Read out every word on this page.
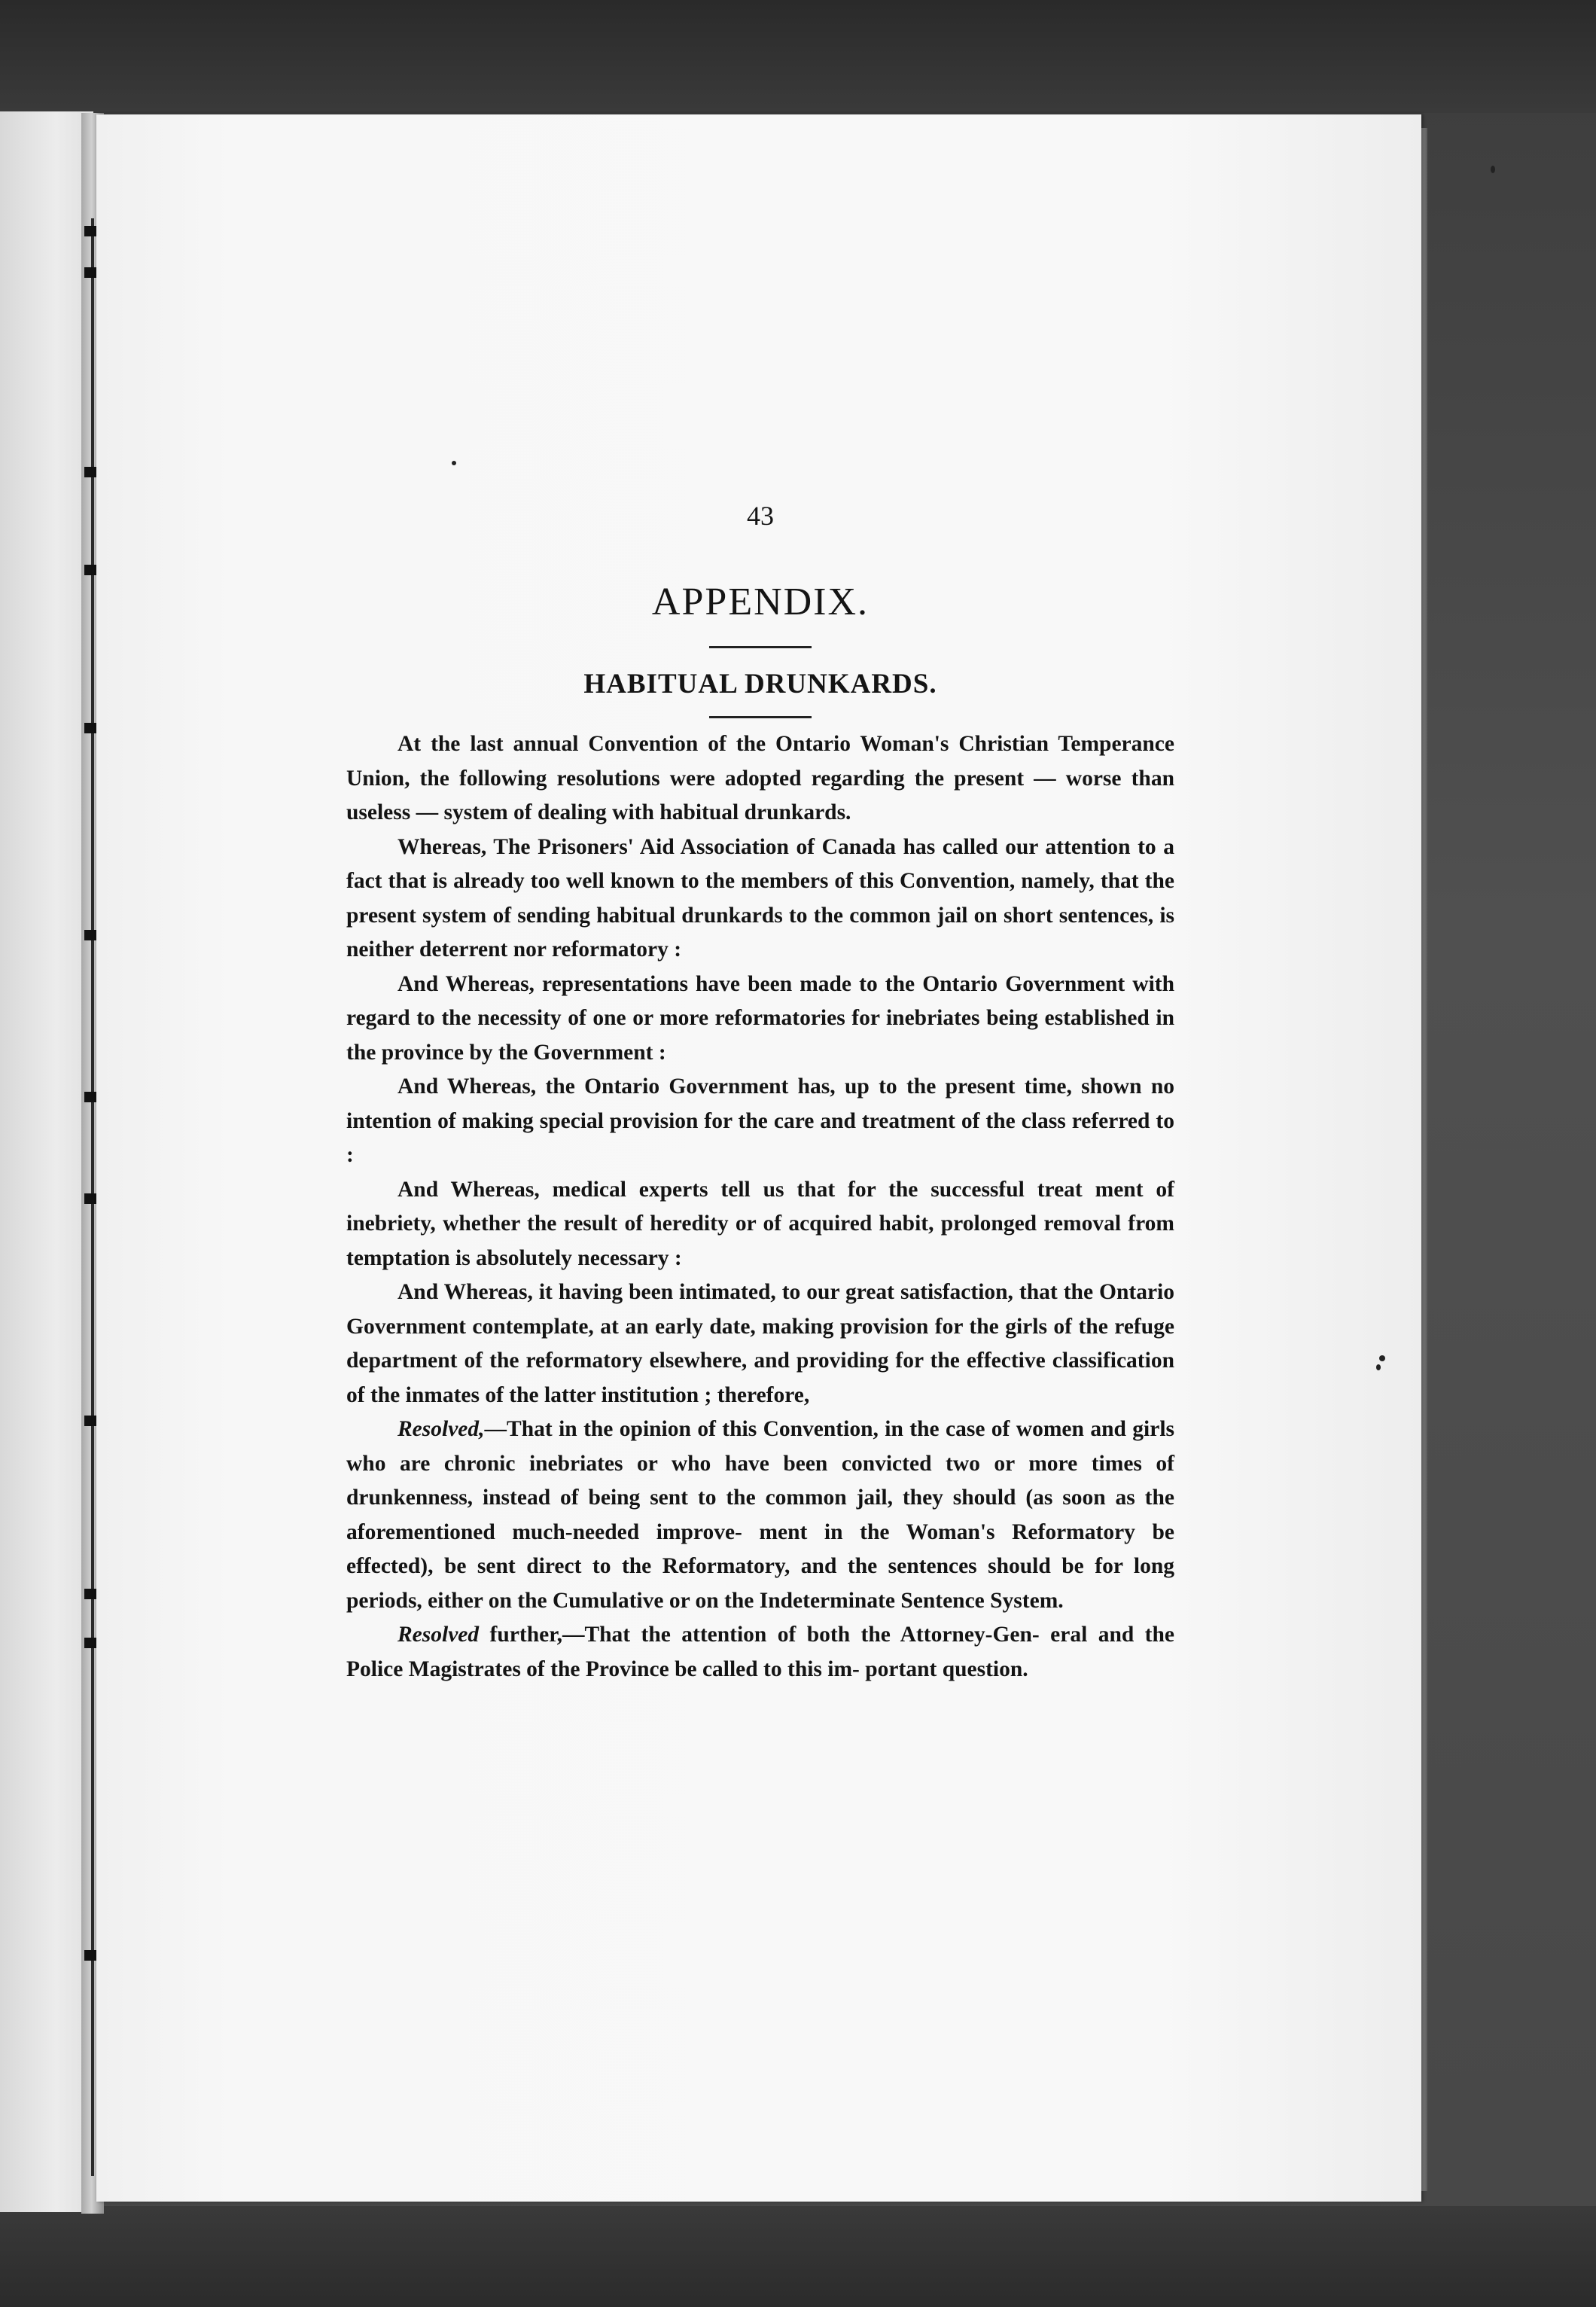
43

APPENDIX.
HABITUAL DRUNKARDS.

At the last annual Convention of the Ontario Woman's Christian Temperance Union, the following resolutions were adopted regarding the present — worse than useless — system of dealing with habitual drunkards.

Whereas, The Prisoners' Aid Association of Canada has called our attention to a fact that is already too well known to the members of this Convention, namely, that the present system of sending habitual drunkards to the common jail on short sentences, is neither deterrent nor reformatory :

And Whereas, representations have been made to the Ontario Government with regard to the necessity of one or more reformatories for inebriates being established in the province by the Government :

And Whereas, the Ontario Government has, up to the present time, shown no intention of making special provision for the care and treatment of the class referred to :

And Whereas, medical experts tell us that for the successful treat ment of inebriety, whether the result of heredity or of acquired habit, prolonged removal from temptation is absolutely necessary :

And Whereas, it having been intimated, to our great satisfaction, that the Ontario Government contemplate, at an early date, making provision for the girls of the refuge department of the reformatory elsewhere, and providing for the effective classification of the inmates of the latter institution ; therefore,

Resolved,—That in the opinion of this Convention, in the case of women and girls who are chronic inebriates or who have been convicted two or more times of drunkenness, instead of being sent to the common jail, they should (as soon as the aforementioned much-needed improve- ment in the Woman's Reformatory be effected), be sent direct to the Reformatory, and the sentences should be for long periods, either on the Cumulative or on the Indeterminate Sentence System.

Resolved further,—That the attention of both the Attorney-Gen- eral and the Police Magistrates of the Province be called to this im- portant question.
